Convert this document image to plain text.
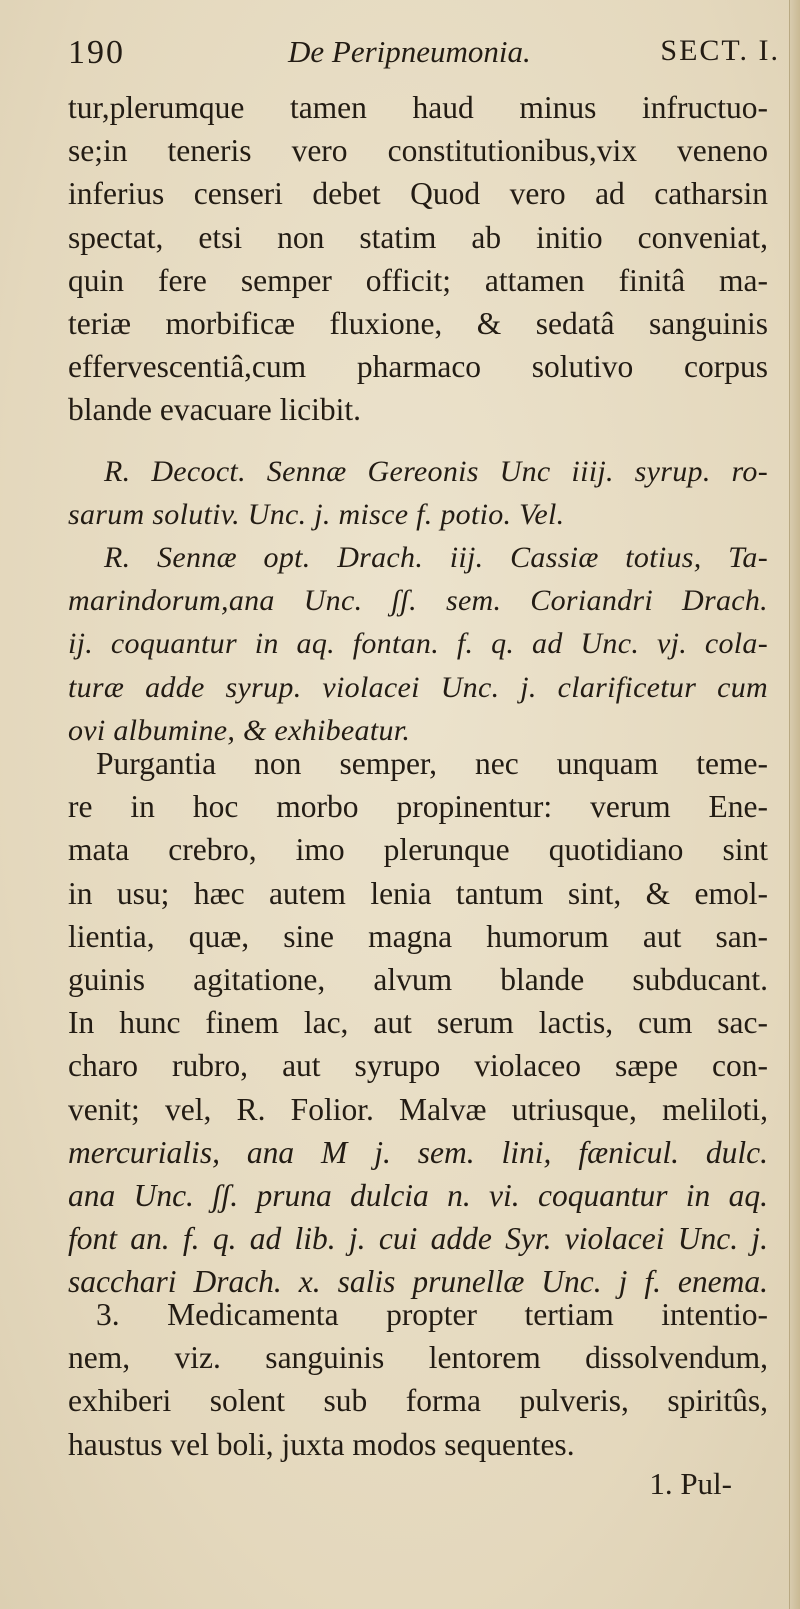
190	De Peripneumonia.	SECT. I.
tur,plerumque tamen haud minus infructuo-
se;in teneris vero constitutionibus,vix veneno
inferius censeri debet Quod vero ad catharsin
spectat, etsi non statim ab initio conveniat,
quin fere semper officit; attamen finitâ ma-
teriæ morbificæ fluxione, & sedatâ sanguinis
effervescentiâ,cum pharmaco solutivo corpus
blande evacuare licibit.
R. Decoct. Sennæ Gereonis Unc iiij. syrup. ro-
sarum solutiv. Unc. j. misce f. potio. Vel.
R. Sennæ opt. Drach. iij. Cassiæ totius, Ta-
marindorum,ana Unc. ʃʃ. sem. Coriandri Drach.
ij. coquantur in aq. fontan. f. q. ad Unc. vj. cola-
turæ adde syrup. violacei Unc. j. clarificetur cum
ovi albumine, & exhibeatur.
Purgantia non semper, nec unquam teme-
re in hoc morbo propinentur: verum Ene-
mata crebro, imo plerunque quotidiano sint
in usu; hæc autem lenia tantum sint, & emol-
lientia, quæ, sine magna humorum aut san-
guinis agitatione, alvum blande subducant.
In hunc finem lac, aut serum lactis, cum sac-
charo rubro, aut syrupo violaceo sæpe con-
venit; vel, R. Folior. Malvæ utriusque, meliloti,
mercurialis, ana M j. sem. lini, fænicul. dulc.
ana Unc. ʃʃ. pruna dulcia n. vi. coquantur in aq.
font an. f. q. ad lib. j. cui adde Syr. violacei Unc. j.
sacchari Drach. x. salis prunellæ Unc. j f. enema.
3. Medicamenta propter tertiam intentio-
nem, viz. sanguinis lentorem dissolvendum,
exhiberi solent sub forma pulveris, spiritûs,
haustus vel boli, juxta modos sequentes.
1. Pul-
